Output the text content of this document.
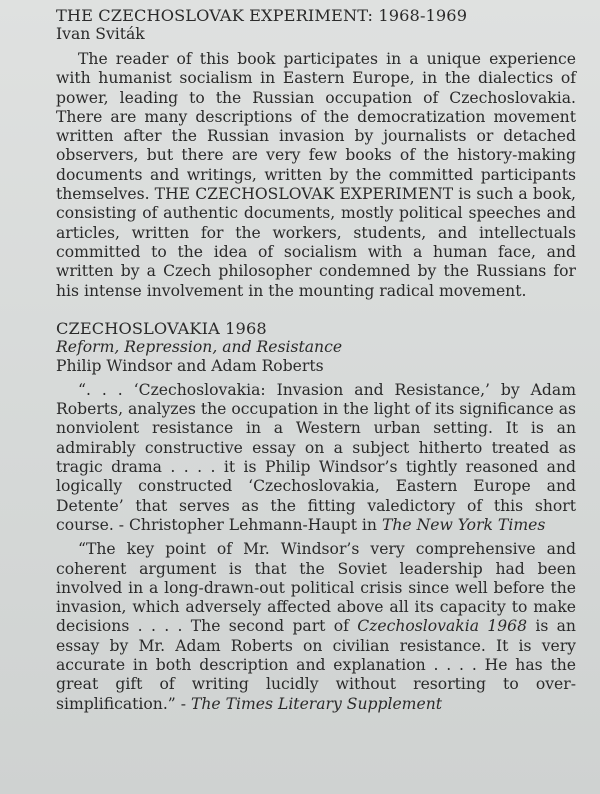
THE CZECHOSLOVAK EXPERIMENT: 1968-1969

Ivan Sviták

The reader of this book participates in a unique experience with humanist socialism in Eastern Europe, in the dialectics of power, leading to the Russian occupation of Czechoslovakia. There are many descriptions of the democratization movement written after the Russian invasion by journalists or detached observers, but there are very few books of the history-making documents and writings, written by the committed participants themselves. THE CZECHOSLOVAK EXPERIMENT is such a book, consisting of authentic documents, mostly political speeches and articles, written for the workers, students, and intellectuals committed to the idea of socialism with a human face, and written by a Czech philosopher condemned by the Russians for his intense involvement in the mounting radical movement.

CZECHOSLOVAKIA 1968

Reform, Repression, and Resistance

Philip Windsor and Adam Roberts

“. . . ‘Czechoslovakia: Invasion and Resistance,’ by Adam Roberts, analyzes the occupation in the light of its significance as nonviolent resistance in a Western urban setting. It is an admirably constructive essay on a subject hitherto treated as tragic drama . . . . it is Philip Windsor’s tightly reasoned and logically constructed ‘Czechoslovakia, Eastern Europe and Detente’ that serves as the fitting valedictory of this short course. - Christopher Lehmann-Haupt in The New York Times

“The key point of Mr. Windsor’s very comprehensive and coherent argument is that the Soviet leadership had been involved in a long-drawn-out political crisis since well before the invasion, which adversely affected above all its capacity to make decisions . . . . The second part of Czechoslovakia 1968 is an essay by Mr. Adam Roberts on civilian resistance. It is very accurate in both description and explanation . . . . He has the great gift of writing lucidly without resorting to over-simplification.” - The Times Literary Supplement
